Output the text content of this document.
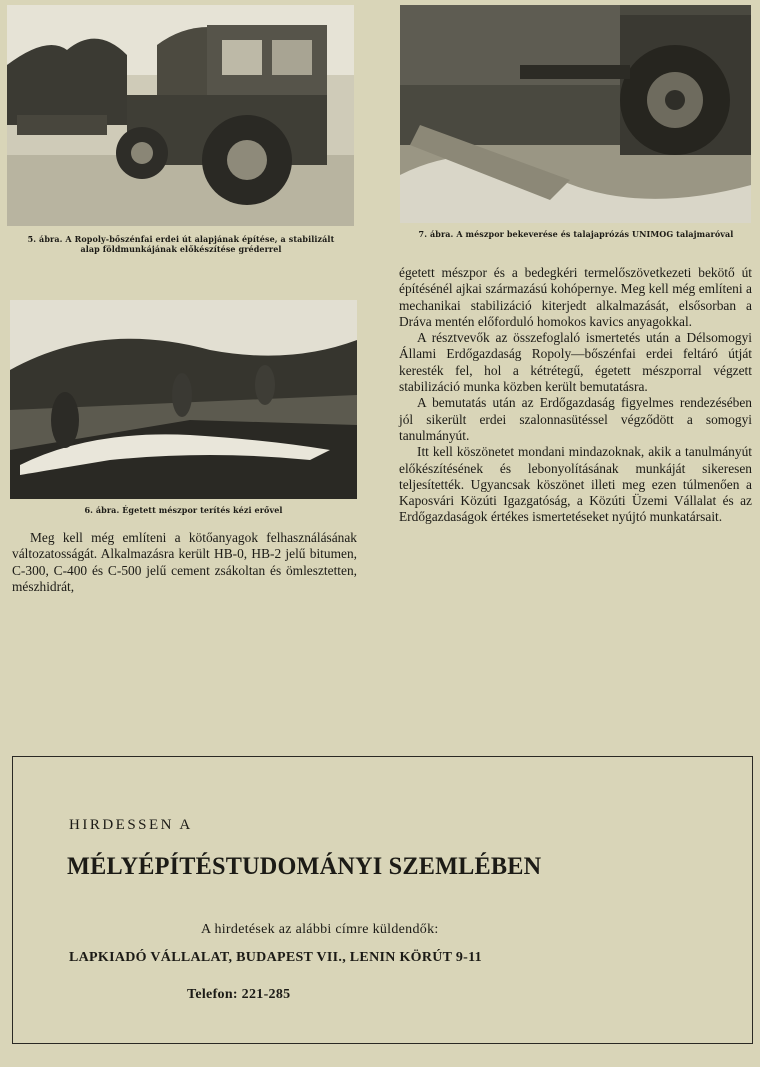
5. ábra. A Ropoly-bőszénfai erdei út alapjának építése, a stabilizált
alap földmunkájának előkészítése gréderrel
7. ábra. A mészpor bekeverése és talajaprózás UNIMOG talajmaróval
6. ábra. Égetett mészpor terítés kézi erővel

Meg kell még említeni a kötőanyagok felhasználásának változatosságát. Alkalmazásra került HB-0, HB-2 jelű bitumen, C-300, C-400 és C-500 jelű cement zsákoltan és ömlesztetten, mészhidrát,

égetett mészpor és a bedegkéri termelőszövetkezeti bekötő út építésénél ajkai származású kohópernye. Meg kell még említeni a mechanikai stabilizáció kiterjedt alkalmazását, elsősorban a Dráva mentén előforduló homokos kavics anyagokkal.

A résztvevők az összefoglaló ismertetés után a Délsomogyi Állami Erdőgazdaság Ropoly—bőszénfai erdei feltáró útját keresték fel, hol a kétrétegű, égetett mészporral végzett stabilizáció munka közben került bemutatásra.

A bemutatás után az Erdőgazdaság figyelmes rendezésében jól sikerült erdei szalonnasütéssel végződött a somogyi tanulmányút.

Itt kell köszönetet mondani mindazoknak, akik a tanulmányút előkészítésének és lebonyolításának munkáját sikeresen teljesítették. Ugyancsak köszönet illeti meg ezen túlmenően a Kaposvári Közúti Igazgatóság, a Közúti Üzemi Vállalat és az Erdőgazdaságok értékes ismertetéseket nyújtó munkatársait.

HIRDESSEN A
MÉLYÉPÍTÉSTUDOMÁNYI SZEMLÉBEN
A hirdetések az alábbi címre küldendők:
LAPKIADÓ VÁLLALAT, BUDAPEST VII., LENIN KÖRÚT 9-11
Telefon: 221-285
